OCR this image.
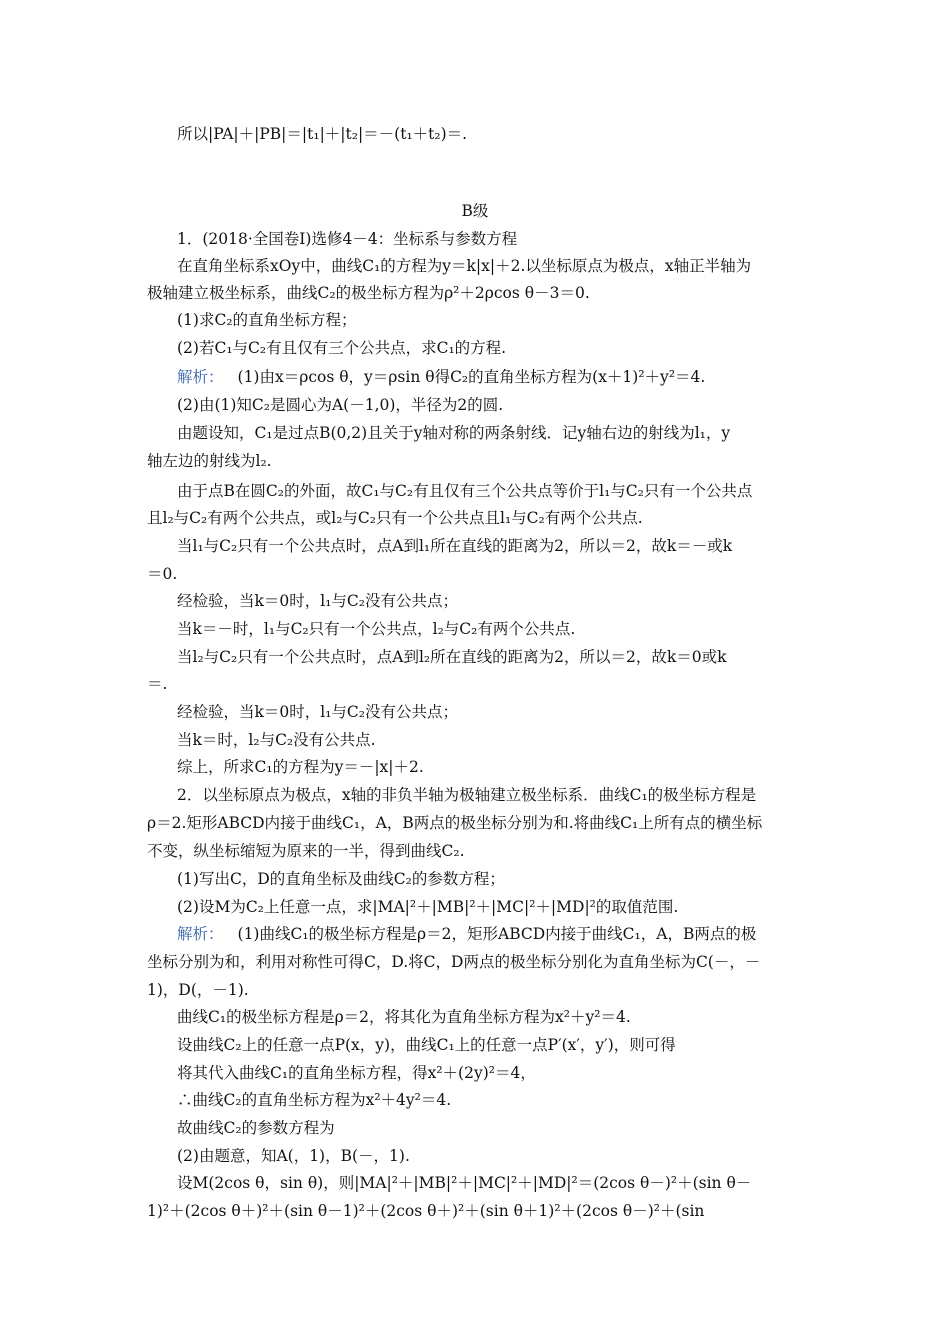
所以|PA|＋|PB|＝|t₁|＋|t₂|＝－(t₁＋t₂)＝.
B级
1．(2018·全国卷Ⅰ)选修4－4：坐标系与参数方程
在直角坐标系xOy中，曲线C₁的方程为y＝k|x|＋2.以坐标原点为极点，x轴正半轴为
极轴建立极坐标系，曲线C₂的极坐标方程为ρ²＋2ρcos θ－3＝0.
(1)求C₂的直角坐标方程；
(2)若C₁与C₂有且仅有三个公共点，求C₁的方程.
解析： (1)由x＝ρcos θ，y＝ρsin θ得C₂的直角坐标方程为(x＋1)²＋y²＝4.
(2)由(1)知C₂是圆心为A(－1,0)，半径为2的圆.
由题设知，C₁是过点B(0,2)且关于y轴对称的两条射线．记y轴右边的射线为l₁，y
轴左边的射线为l₂.
由于点B在圆C₂的外面，故C₁与C₂有且仅有三个公共点等价于l₁与C₂只有一个公共点
且l₂与C₂有两个公共点，或l₂与C₂只有一个公共点且l₁与C₂有两个公共点.
当l₁与C₂只有一个公共点时，点A到l₁所在直线的距离为2，所以＝2，故k＝－或k
＝0.
经检验，当k＝0时，l₁与C₂没有公共点；
当k＝－时，l₁与C₂只有一个公共点，l₂与C₂有两个公共点.
当l₂与C₂只有一个公共点时，点A到l₂所在直线的距离为2，所以＝2，故k＝0或k
＝.
经检验，当k＝0时，l₁与C₂没有公共点；
当k＝时，l₂与C₂没有公共点.
综上，所求C₁的方程为y＝－|x|＋2.
2．以坐标原点为极点，x轴的非负半轴为极轴建立极坐标系．曲线C₁的极坐标方程是
ρ＝2.矩形ABCD内接于曲线C₁，A，B两点的极坐标分别为和.将曲线C₁上所有点的横坐标
不变，纵坐标缩短为原来的一半，得到曲线C₂.
(1)写出C，D的直角坐标及曲线C₂的参数方程；
(2)设M为C₂上任意一点，求|MA|²＋|MB|²＋|MC|²＋|MD|²的取值范围.
解析： (1)曲线C₁的极坐标方程是ρ＝2，矩形ABCD内接于曲线C₁，A，B两点的极
坐标分别为和，利用对称性可得C，D.将C，D两点的极坐标分别化为直角坐标为C(－，－
1)，D(，－1).
曲线C₁的极坐标方程是ρ＝2，将其化为直角坐标方程为x²＋y²＝4.
设曲线C₂上的任意一点P(x，y)，曲线C₁上的任意一点P′(x′，y′)，则可得
将其代入曲线C₁的直角坐标方程，得x²＋(2y)²＝4，
∴曲线C₂的直角坐标方程为x²＋4y²＝4.
故曲线C₂的参数方程为
(2)由题意，知A(，1)，B(－，1).
设M(2cos θ，sin θ)，则|MA|²＋|MB|²＋|MC|²＋|MD|²＝(2cos θ－)²＋(sin θ－
1)²＋(2cos θ＋)²＋(sin θ－1)²＋(2cos θ＋)²＋(sin θ＋1)²＋(2cos θ－)²＋(sin
